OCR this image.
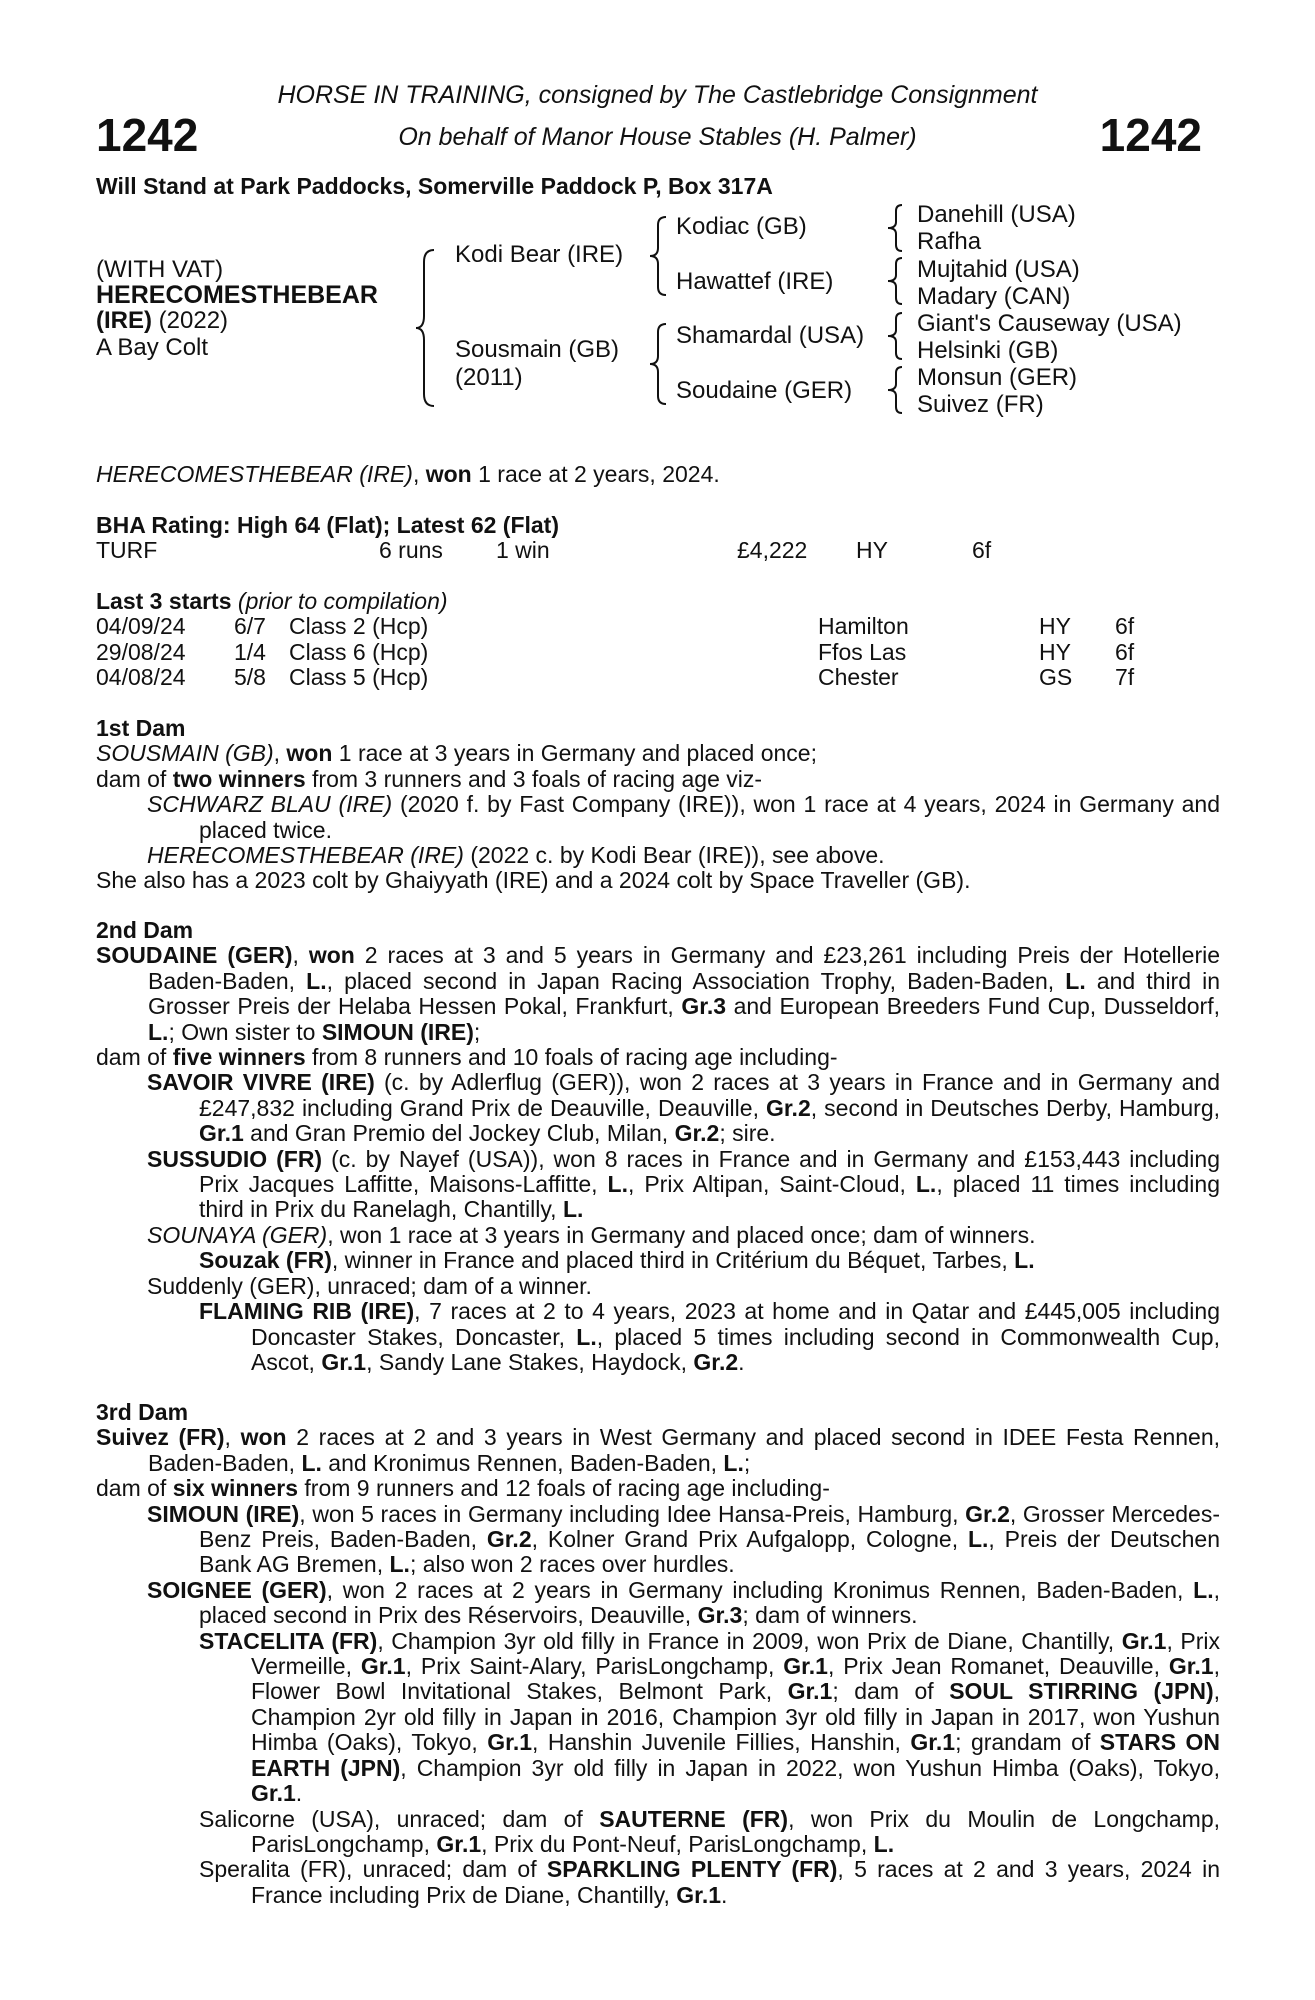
1242	1242
HORSE IN TRAINING, consigned by The Castlebridge Consignment
On behalf of Manor House Stables (H. Palmer)
Will Stand at Park Paddocks, Somerville Paddock P, Box 317A
(WITH VAT)
HERECOMESTHEBEAR
(IRE) (2022)
A Bay Colt
Kodi Bear (IRE)
Sousmain (GB)
(2011)
Kodiac (GB)
Hawattef (IRE)
Shamardal (USA)
Soudaine (GER)
Danehill (USA)
Rafha
Mujtahid (USA)
Madary (CAN)
Giant's Causeway (USA)
Helsinki (GB)
Monsun (GER)
Suivez (FR)

HERECOMESTHEBEAR (IRE), won 1 race at 2 years, 2024.

BHA Rating: High 64 (Flat); Latest 62 (Flat)

TURF	6 runs 1 win	£4,222 HY	6f

Last 3 starts (prior to compilation)

04/09/24 6/7 Class 2 (Hcp)	Hamilton	HY 6f
29/08/24 1/4 Class 6 (Hcp)	Ffos Las	HY 6f
04/08/24 5/8 Class 5 (Hcp)	Chester	GS 7f

1st Dam

SOUSMAIN (GB), won 1 race at 3 years in Germany and placed once;

dam of two winners from 3 runners and 3 foals of racing age viz-

SCHWARZ BLAU (IRE) (2020 f. by Fast Company (IRE)), won 1 race at 4 years, 2024 in Germany and placed twice.

HERECOMESTHEBEAR (IRE) (2022 c. by Kodi Bear (IRE)), see above.

She also has a 2023 colt by Ghaiyyath (IRE) and a 2024 colt by Space Traveller (GB).

2nd Dam

SOUDAINE (GER), won 2 races at 3 and 5 years in Germany and £23,261 including Preis der Hotellerie Baden-Baden, L., placed second in Japan Racing Association Trophy, Baden-Baden, L. and third in Grosser Preis der Helaba Hessen Pokal, Frankfurt, Gr.3 and European Breeders Fund Cup, Dusseldorf, L.; Own sister to SIMOUN (IRE);

dam of five winners from 8 runners and 10 foals of racing age including-

SAVOIR VIVRE (IRE) (c. by Adlerflug (GER)), won 2 races at 3 years in France and in Germany and £247,832 including Grand Prix de Deauville, Deauville, Gr.2, second in Deutsches Derby, Hamburg, Gr.1 and Gran Premio del Jockey Club, Milan, Gr.2; sire.

SUSSUDIO (FR) (c. by Nayef (USA)), won 8 races in France and in Germany and £153,443 including Prix Jacques Laffitte, Maisons-Laffitte, L., Prix Altipan, Saint-Cloud, L., placed 11 times including third in Prix du Ranelagh, Chantilly, L.

SOUNAYA (GER), won 1 race at 3 years in Germany and placed once; dam of winners.

Souzak (FR), winner in France and placed third in Critérium du Béquet, Tarbes, L.

Suddenly (GER), unraced; dam of a winner.

FLAMING RIB (IRE), 7 races at 2 to 4 years, 2023 at home and in Qatar and £445,005 including Doncaster Stakes, Doncaster, L., placed 5 times including second in Commonwealth Cup, Ascot, Gr.1, Sandy Lane Stakes, Haydock, Gr.2.

3rd Dam

Suivez (FR), won 2 races at 2 and 3 years in West Germany and placed second in IDEE Festa Rennen, Baden-Baden, L. and Kronimus Rennen, Baden-Baden, L.;

dam of six winners from 9 runners and 12 foals of racing age including-

SIMOUN (IRE), won 5 races in Germany including Idee Hansa-Preis, Hamburg, Gr.2, Grosser Mercedes-Benz Preis, Baden-Baden, Gr.2, Kolner Grand Prix Aufgalopp, Cologne, L., Preis der Deutschen Bank AG Bremen, L.; also won 2 races over hurdles.

SOIGNEE (GER), won 2 races at 2 years in Germany including Kronimus Rennen, Baden-Baden, L., placed second in Prix des Réservoirs, Deauville, Gr.3; dam of winners.

STACELITA (FR), Champion 3yr old filly in France in 2009, won Prix de Diane, Chantilly, Gr.1, Prix Vermeille, Gr.1, Prix Saint-Alary, ParisLongchamp, Gr.1, Prix Jean Romanet, Deauville, Gr.1, Flower Bowl Invitational Stakes, Belmont Park, Gr.1; dam of SOUL STIRRING (JPN), Champion 2yr old filly in Japan in 2016, Champion 3yr old filly in Japan in 2017, won Yushun Himba (Oaks), Tokyo, Gr.1, Hanshin Juvenile Fillies, Hanshin, Gr.1; grandam of STARS ON EARTH (JPN), Champion 3yr old filly in Japan in 2022, won Yushun Himba (Oaks), Tokyo, Gr.1.

Salicorne (USA), unraced; dam of SAUTERNE (FR), won Prix du Moulin de Longchamp, ParisLongchamp, Gr.1, Prix du Pont-Neuf, ParisLongchamp, L.

Speralita (FR), unraced; dam of SPARKLING PLENTY (FR), 5 races at 2 and 3 years, 2024 in France including Prix de Diane, Chantilly, Gr.1.
